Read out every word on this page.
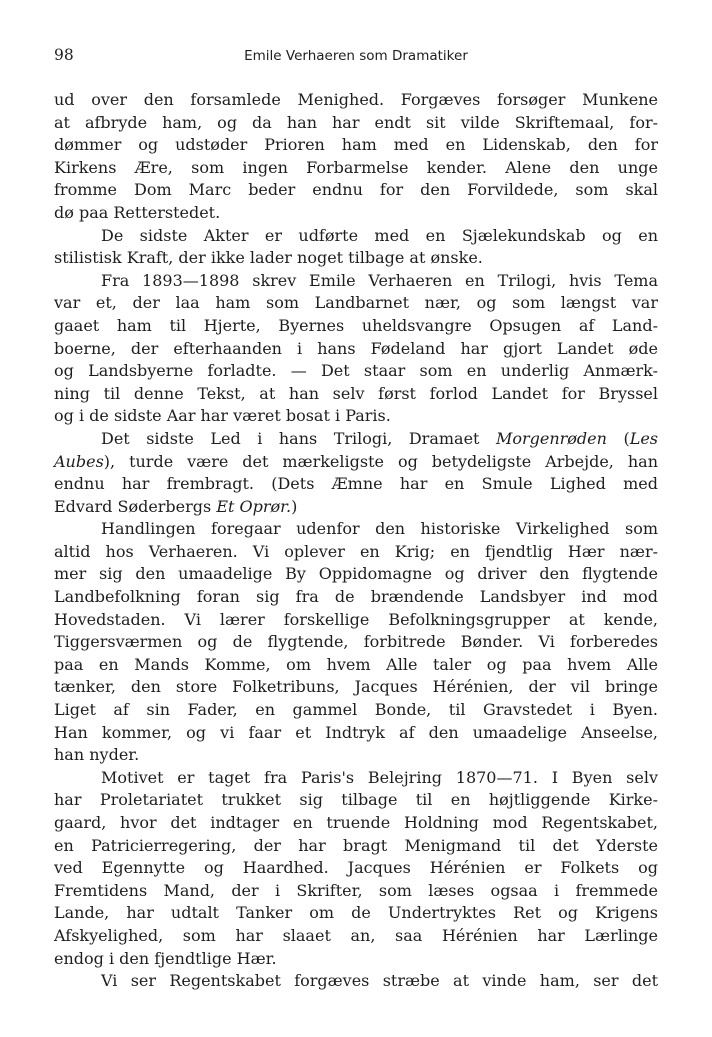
98	Emile Verhaeren som Dramatiker
ud over den forsamlede Menighed. Forgæves forsøger Munkene
at afbryde ham, og da han har endt sit vilde Skriftemaal, for-
dømmer og udstøder Prioren ham med en Lidenskab, den for
Kirkens Ære, som ingen Forbarmelse kender. Alene den unge
fromme Dom Marc beder endnu for den Forvildede, som skal
dø paa Retterstedet.
De sidste Akter er udførte med en Sjælekundskab og en
stilistisk Kraft, der ikke lader noget tilbage at ønske.
Fra 1893—1898 skrev Emile Verhaeren en Trilogi, hvis Tema
var et, der laa ham som Landbarnet nær, og som længst var
gaaet ham til Hjerte, Byernes uheldsvangre Opsugen af Land-
boerne, der efterhaanden i hans Fødeland har gjort Landet øde
og Landsbyerne forladte. — Det staar som en underlig Anmærk-
ning til denne Tekst, at han selv først forlod Landet for Bryssel
og i de sidste Aar har været bosat i Paris.
Det sidste Led i hans Trilogi, Dramaet Morgenrøden (Les
Aubes), turde være det mærkeligste og betydeligste Arbejde, han
endnu har frembragt. (Dets Æmne har en Smule Lighed med
Edvard Søderbergs Et Oprør.)
Handlingen foregaar udenfor den historiske Virkelighed som
altid hos Verhaeren. Vi oplever en Krig; en fjendtlig Hær nær-
mer sig den umaadelige By Oppidomagne og driver den flygtende
Landbefolkning foran sig fra de brændende Landsbyer ind mod
Hovedstaden. Vi lærer forskellige Befolkningsgrupper at kende,
Tiggersværmen og de flygtende, forbitrede Bønder. Vi forberedes
paa en Mands Komme, om hvem Alle taler og paa hvem Alle
tænker, den store Folketribuns, Jacques Hérénien, der vil bringe
Liget af sin Fader, en gammel Bonde, til Gravstedet i Byen.
Han kommer, og vi faar et Indtryk af den umaadelige Anseelse,
han nyder.
Motivet er taget fra Paris's Belejring 1870—71. I Byen selv
har Proletariatet trukket sig tilbage til en højtliggende Kirke-
gaard, hvor det indtager en truende Holdning mod Regentskabet,
en Patricierregering, der har bragt Menigmand til det Yderste
ved Egennytte og Haardhed. Jacques Hérénien er Folkets og
Fremtidens Mand, der i Skrifter, som læses ogsaa i fremmede
Lande, har udtalt Tanker om de Undertryktes Ret og Krigens
Afskyelighed, som har slaaet an, saa Hérénien har Lærlinge
endog i den fjendtlige Hær.
Vi ser Regentskabet forgæves stræbe at vinde ham, ser det
